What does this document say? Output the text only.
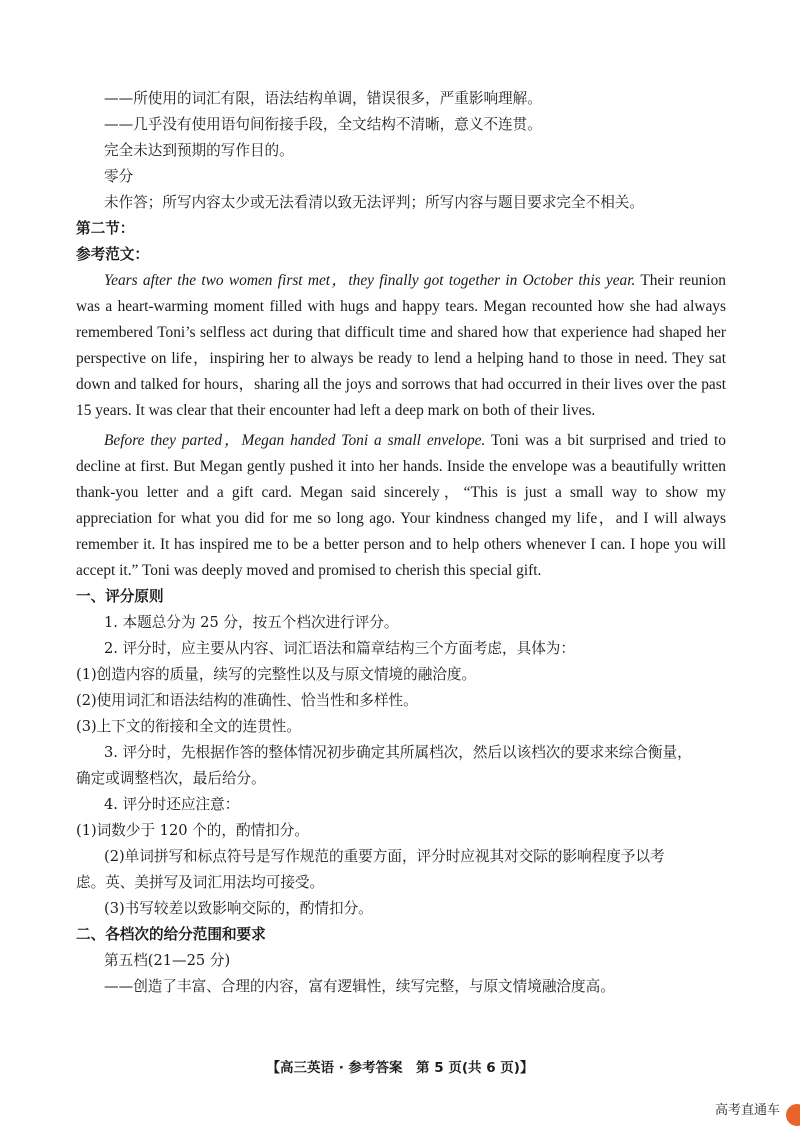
——所使用的词汇有限，语法结构单调，错误很多，严重影响理解。
——几乎没有使用语句间衔接手段，全文结构不清晰，意义不连贯。
完全未达到预期的写作目的。
零分
未作答；所写内容太少或无法看清以致无法评判；所写内容与题目要求完全不相关。
第二节：
参考范文：

Years after the two women first met，they finally got together in October this year. Their reunion was a heart-warming moment filled with hugs and happy tears. Megan recounted how she had always remembered Toni’s selfless act during that difficult time and shared how that experience had shaped her perspective on life，inspiring her to always be ready to lend a helping hand to those in need. They sat down and talked for hours，sharing all the joys and sorrows that had occurred in their lives over the past 15 years. It was clear that their encounter had left a deep mark on both of their lives.

Before they parted，Megan handed Toni a small envelope. Toni was a bit surprised and tried to decline at first. But Megan gently pushed it into her hands. Inside the envelope was a beautifully written thank-you letter and a gift card. Megan said sincerely，“This is just a small way to show my appreciation for what you did for me so long ago. Your kindness changed my life，and I will always remember it. It has inspired me to be a better person and to help others whenever I can. I hope you will accept it.” Toni was deeply moved and promised to cherish this special gift.

一、评分原则
1. 本题总分为 25 分，按五个档次进行评分。
2. 评分时，应主要从内容、词汇语法和篇章结构三个方面考虑，具体为：
(1)创造内容的质量，续写的完整性以及与原文情境的融洽度。
(2)使用词汇和语法结构的准确性、恰当性和多样性。
(3)上下文的衔接和全文的连贯性。
3. 评分时，先根据作答的整体情况初步确定其所属档次，然后以该档次的要求来综合衡量，
确定或调整档次，最后给分。
4. 评分时还应注意：
(1)词数少于 120 个的，酌情扣分。
(2)单词拼写和标点符号是写作规范的重要方面，评分时应视其对交际的影响程度予以考
虑。英、美拼写及词汇用法均可接受。
(3)书写较差以致影响交际的，酌情扣分。
二、各档次的给分范围和要求
第五档(21—25 分)
——创造了丰富、合理的内容，富有逻辑性，续写完整，与原文情境融洽度高。
【高三英语 · 参考答案　第 5 页(共 6 页)】
高考直通车
